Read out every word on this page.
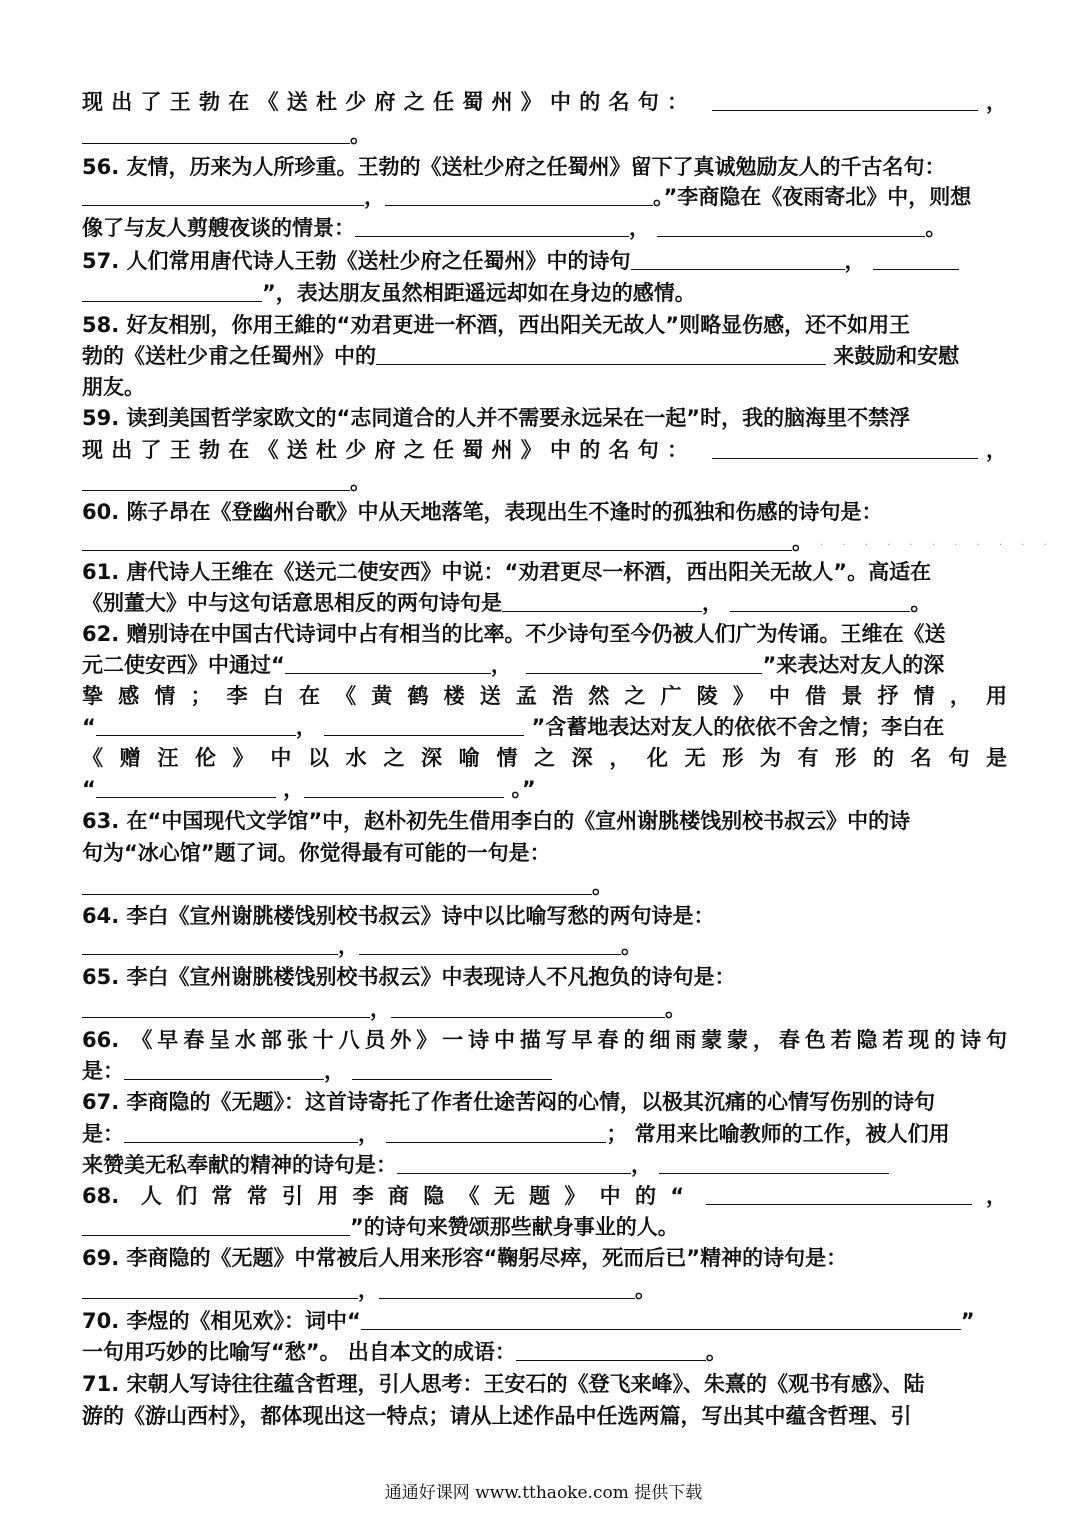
现出了王勃在《送杜少府之任蜀州》中的名句：	，
。
56. 友情，历来为人所珍重。王勃的《送杜少府之任蜀州》留下了真诚勉励友人的千古名句：
，	。”李商隐在《夜雨寄北》中，则想
像了与友人剪艘夜谈的情景：	，	。
57. 人们常用唐代诗人王勃《送杜少府之任蜀州》中的诗句	，
”，表达朋友虽然相距遥远却如在身边的感情。
58. 好友相别，你用王維的“劝君更进一杯酒，西出阳关无故人”则略显伤感，还不如用王
勃的《送杜少甫之任蜀州》中的	来鼓励和安慰
朋友。
59. 读到美国哲学家欧文的“志同道合的人并不需要永远呆在一起”时，我的脑海里不禁浮
现出了王勃在《送杜少府之任蜀州》中的名句：	，
。
60. 陈子昂在《登幽州台歌》中从天地落笔，表现出生不逢时的孤独和伤感的诗句是：
。
61. 唐代诗人王维在《送元二使安西》中说：“劝君更尽一杯酒，西出阳关无故人”。高适在
《别董大》中与这句话意思相反的两句诗句是	，	。
62. 赠别诗在中国古代诗词中占有相当的比率。不少诗句至今仍被人们广为传诵。王维在《送
元二使安西》中通过“	，	”来表达对友人的深
挚感情；李白在《黄鹤楼送孟浩然之广陵》中借景抒情，用
“	，	”含蓄地表达对友人的依依不舍之情；李白在
《赠汪伦》中以水之深喻情之深，化无形为有形的名句是
“	，	。”
63. 在“中国现代文学馆”中，赵朴初先生借用李白的《宣州谢朓楼饯别校书叔云》中的诗
句为“冰心馆”题了词。你觉得最有可能的一句是：
。
64. 李白《宣州谢朓楼饯别校书叔云》诗中以比喻写愁的两句诗是：
，	。
65. 李白《宣州谢朓楼饯别校书叔云》中表现诗人不凡抱负的诗句是：
，	。
66. 《早春呈水部张十八员外》一诗中描写早春的细雨蒙蒙，春色若隐若现的诗句
是：	，
67. 李商隐的《无题》：这首诗寄托了作者仕途苦闷的心情，以极其沉痛的心情写伤别的诗句
是：	，	； 常用来比喻教师的工作，被人们用
来赞美无私奉献的精神的诗句是：	，
68. 人们常常引用李商隐《无题》中的“	，
”的诗句来赞颂那些献身事业的人。
69. 李商隐的《无题》中常被后人用来形容“鞠躬尽瘁，死而后已”精神的诗句是：
，	。
70. 李煜的《相见欢》：词中“	”
一句用巧妙的比喻写“愁”。 出自本文的成语：	。
71. 宋朝人写诗往往蕴含哲理，引人思考：王安石的《登飞来峰》、朱熹的《观书有感》、陆
游的《游山西村》，都体现出这一特点；请从上述作品中任选两篇，写出其中蕴含哲理、引
· · · · · · · · · · ·
通通好课网 www.tthaoke.com 提供下载
